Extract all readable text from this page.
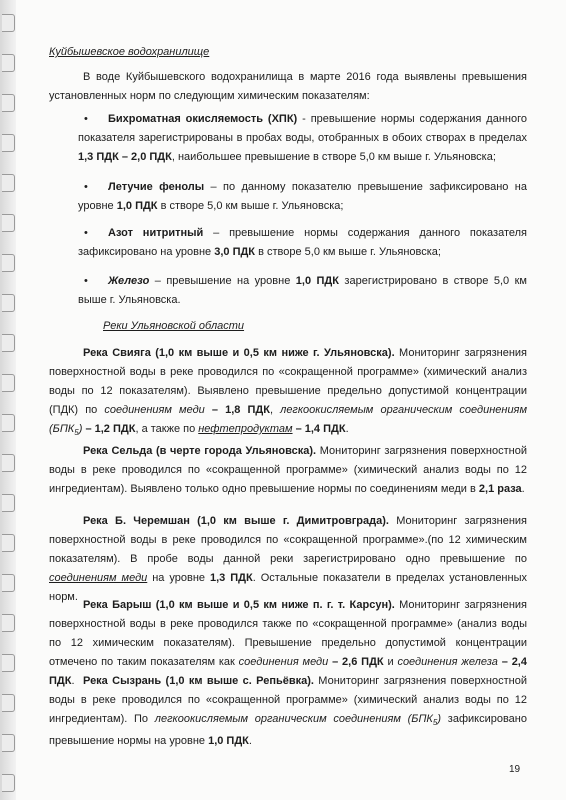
Куйбышевское водохранилище
В воде Куйбышевского водохранилища в марте 2016 года выявлены превышения установленных норм по следующим химическим показателям:
•	Бихроматная окисляемость (ХПК) - превышение нормы содержания данного показателя зарегистрированы в пробах воды, отобранных в обоих створах в пределах 1,3 ПДК – 2,0 ПДК, наибольшее превышение в створе 5,0 км выше г. Ульяновска;
•	Летучие фенолы – по данному показателю превышение зафиксировано на уровне 1,0 ПДК в створе 5,0 км выше г. Ульяновска;
•	Азот нитритный – превышение нормы содержания данного показателя зафиксировано на уровне 3,0 ПДК в створе 5,0 км выше г. Ульяновска;
•	Железо – превышение на уровне 1,0 ПДК зарегистрировано в створе 5,0 км выше г. Ульяновска.
Реки Ульяновской области
Река Свияга (1,0 км выше и 0,5 км ниже г. Ульяновска). Мониторинг загрязнения поверхностной воды в реке проводился по «сокращенной программе» (химический анализ воды по 12 показателям). Выявлено превышение предельно допустимой концентрации (ПДК) по соединениям меди – 1,8 ПДК, легкоокисляемым органическим соединениям $(БПК_5) - 1,2$ ПДК, а также по нефтепродуктам – 1,4 ПДК.
Река Сельда (в черте города Ульяновска). Мониторинг загрязнения поверхностной воды в реке проводился по «сокращенной программе» (химический анализ воды по 12 ингредиентам). Выявлено только одно превышение нормы по соединениям меди в 2,1 раза.
Река Б. Черемшан (1,0 км выше г. Димитровграда). Мониторинг загрязнения поверхностной воды в реке проводился по «сокращенной программе».(по 12 химическим показателям). В пробе воды данной реки зарегистрировано одно превышение по соединениям меди на уровне 1,3 ПДК. Остальные показатели в пределах установленных норм.
Река Барыш (1,0 км выше и 0,5 км ниже п. г. т. Карсун). Мониторинг загрязнения поверхностной воды в реке проводился также по «сокращенной программе» (анализ воды по 12 химическим показателям). Превышение предельно допустимой концентрации отмечено по таким показателям как соединения меди – 2,6 ПДК и соединения железа – 2,4 ПДК. Река Сызрань (1,0 км выше с. Репьёвка). Мониторинг загрязнения поверхностной воды в реке проводился по «сокращенной программе» (химический анализ воды по 12 ингредиентам). По легкоокисляемым органическим соединениям $(БПК_5)$ зафиксировано превышение нормы на уровне 1,0 ПДК.
19
